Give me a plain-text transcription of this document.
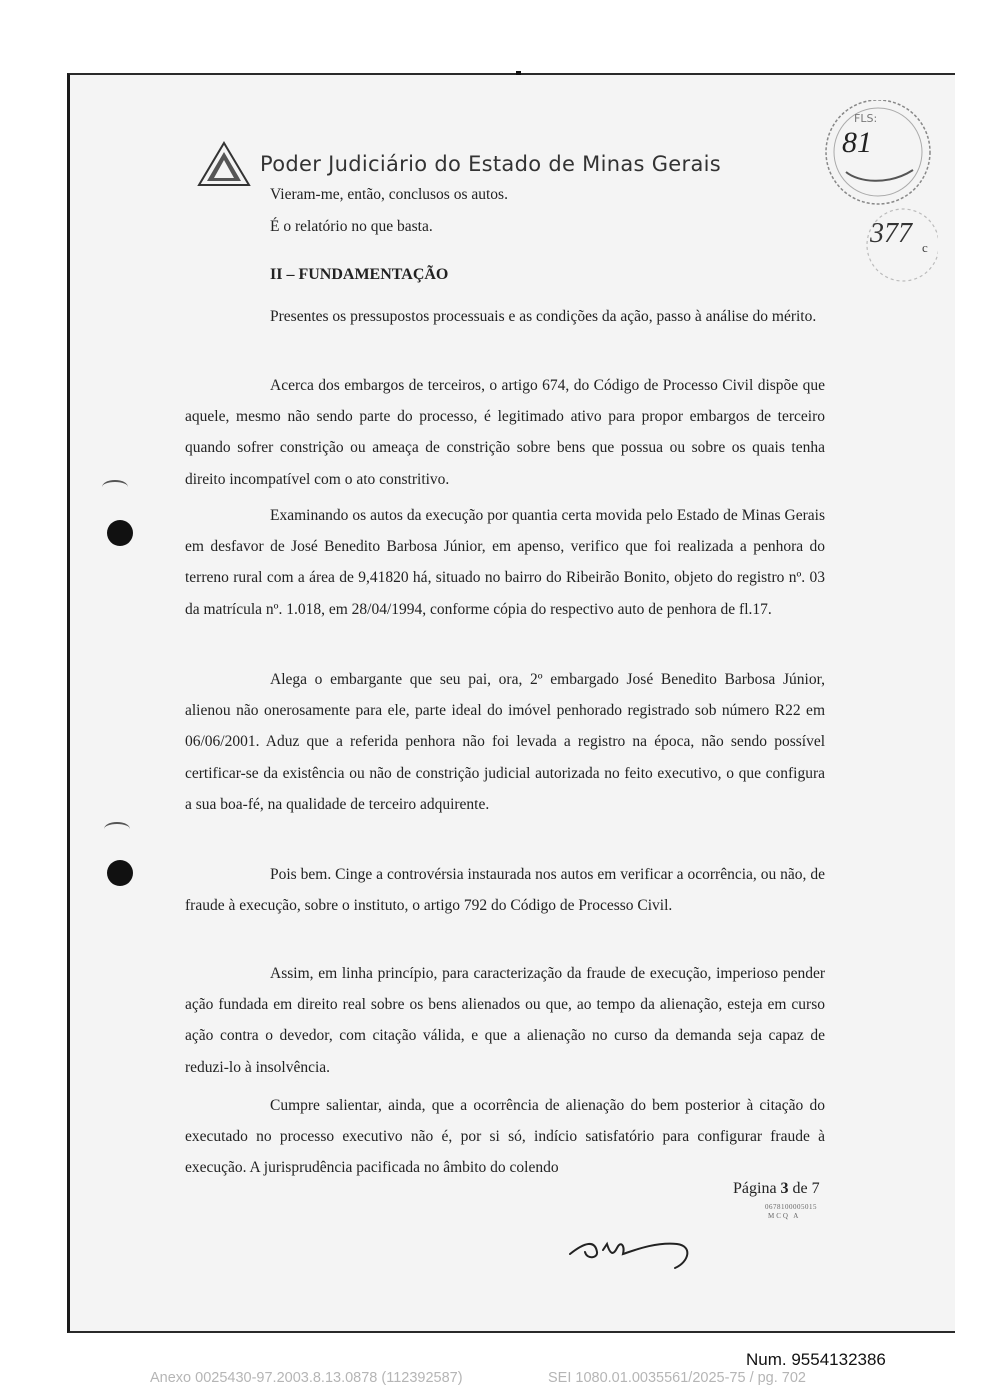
Poder Judiciário do Estado de Minas Gerais
Vieram-me, então, conclusos os autos.
É o relatório no que basta.
II – FUNDAMENTAÇÃO

Presentes os pressupostos processuais e as condições da ação, passo à análise do mérito.

Acerca dos embargos de terceiros, o artigo 674, do Código de Processo Civil dispõe que aquele, mesmo não sendo parte do processo, é legitimado ativo para propor embargos de terceiro quando sofrer constrição ou ameaça de constrição sobre bens que possua ou sobre os quais tenha direito incompatível com o ato constritivo.

Examinando os autos da execução por quantia certa movida pelo Estado de Minas Gerais em desfavor de José Benedito Barbosa Júnior, em apenso, verifico que foi realizada a penhora do terreno rural com a área de 9,41820 há, situado no bairro do Ribeirão Bonito, objeto do registro nº. 03 da matrícula nº. 1.018, em 28/04/1994, conforme cópia do respectivo auto de penhora de fl.17.

Alega o embargante que seu pai, ora, 2º embargado José Benedito Barbosa Júnior, alienou não onerosamente para ele, parte ideal do imóvel penhorado registrado sob número R22 em 06/06/2001. Aduz que a referida penhora não foi levada a registro na época, não sendo possível certificar-se da existência ou não de constrição judicial autorizada no feito executivo, o que configura a sua boa-fé, na qualidade de terceiro adquirente.

Pois bem. Cinge a controvérsia instaurada nos autos em verificar a ocorrência, ou não, de fraude à execução, sobre o instituto, o artigo 792 do Código de Processo Civil.

Assim, em linha princípio, para caracterização da fraude de execução, imperioso pender ação fundada em direito real sobre os bens alienados ou que, ao tempo da alienação, esteja em curso ação contra o devedor, com citação válida, e que a alienação no curso da demanda seja capaz de reduzi-lo à insolvência.

Cumpre salientar, ainda, que a ocorrência de alienação do bem posterior à citação do executado no processo executivo não é, por si só, indício satisfatório para configurar fraude à execução. A jurisprudência pacificada no âmbito do colendo

Página 3 de 7
0678100005015
MCQ A
FLS:
81
377 c
Num. 9554132386
Anexo 0025430-97.2003.8.13.0878 (112392587)	SEI 1080.01.0035561/2025-75 / pg. 702
